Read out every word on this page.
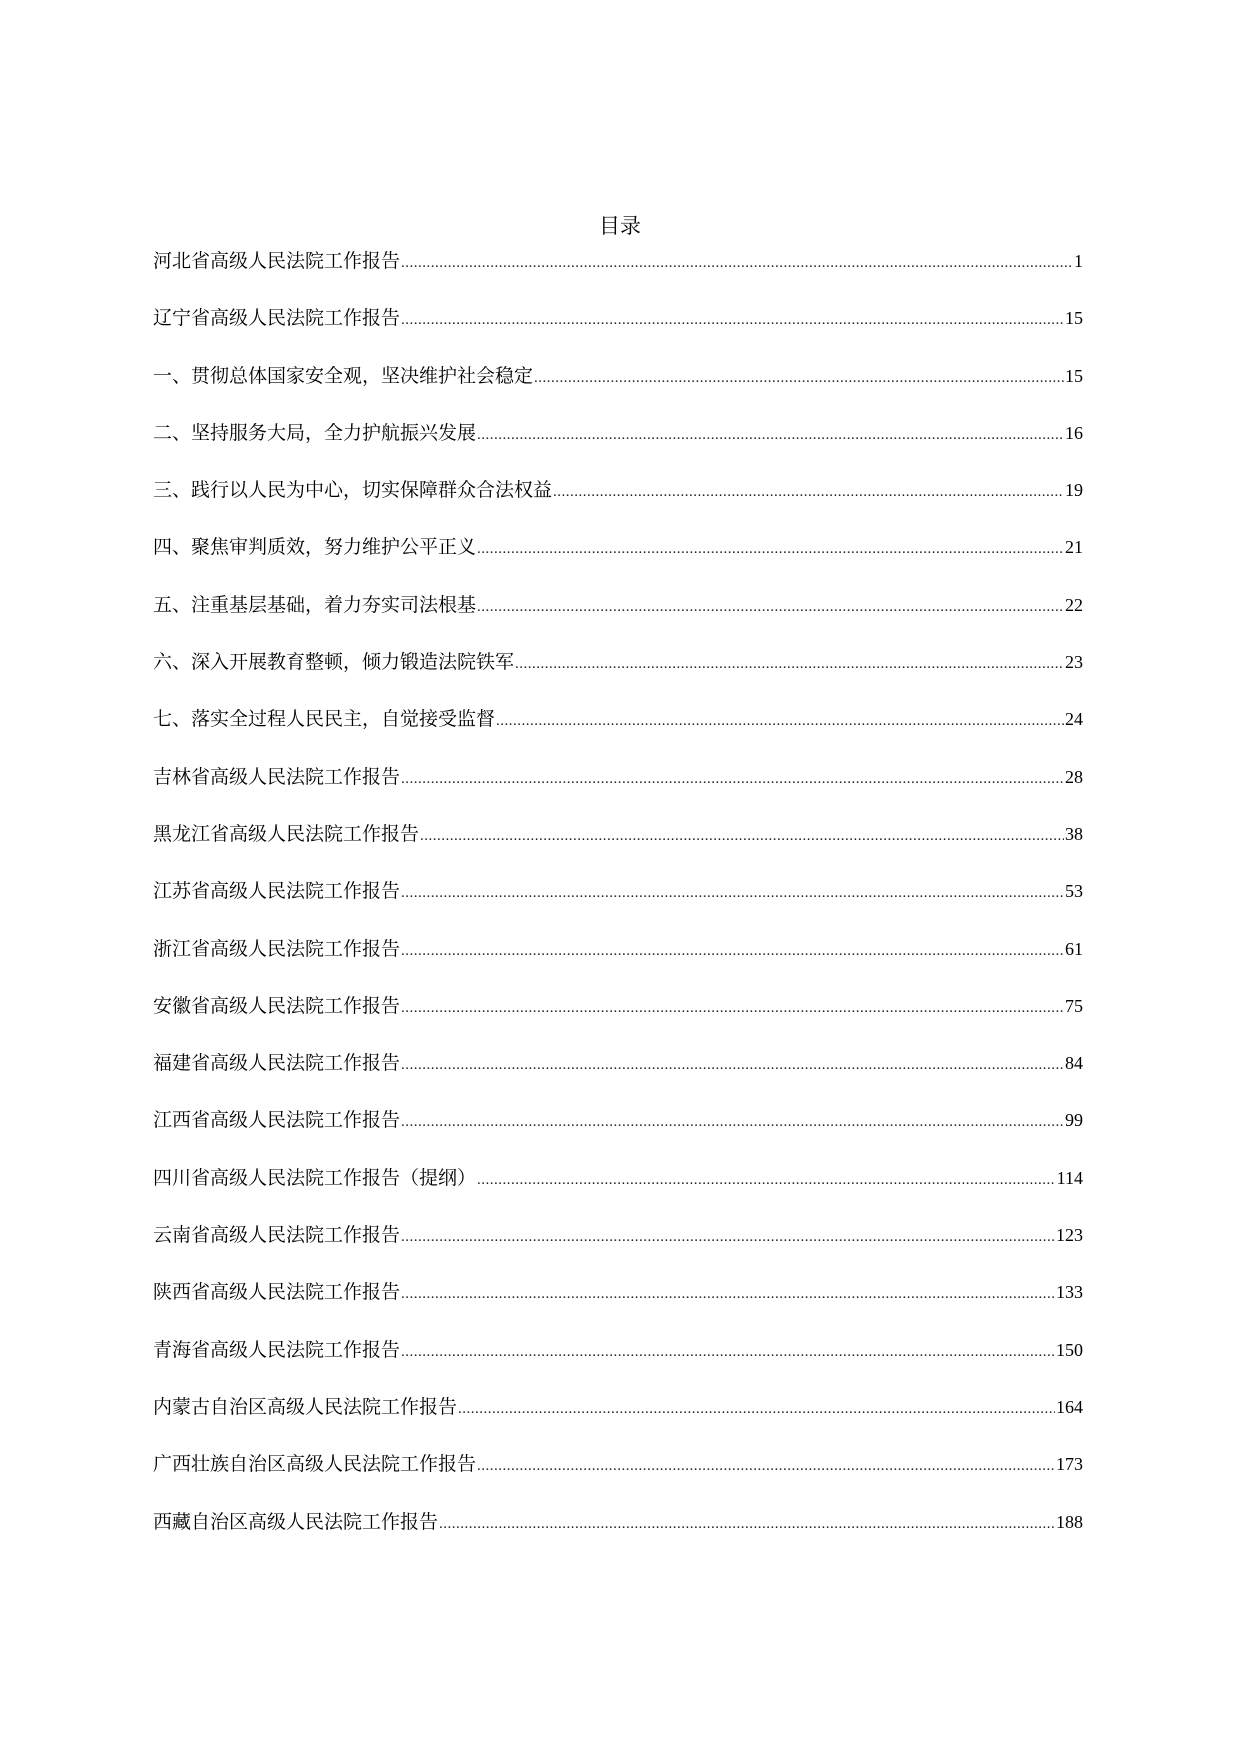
目录
河北省高级人民法院工作报告 .....	1
辽宁省高级人民法院工作报告 .....	15
一、贯彻总体国家安全观，坚决维护社会稳定 .....	15
二、坚持服务大局，全力护航振兴发展 .....	16
三、践行以人民为中心，切实保障群众合法权益 .....	19
四、聚焦审判质效，努力维护公平正义 .....	21
五、注重基层基础，着力夯实司法根基 .....	22
六、深入开展教育整顿，倾力锻造法院铁军 .....	23
七、落实全过程人民民主，自觉接受监督 .....	24
吉林省高级人民法院工作报告 .....	28
黑龙江省高级人民法院工作报告 .....	38
江苏省高级人民法院工作报告 .....	53
浙江省高级人民法院工作报告 .....	61
安徽省高级人民法院工作报告 .....	75
福建省高级人民法院工作报告 .....	84
江西省高级人民法院工作报告 .....	99
四川省高级人民法院工作报告（提纲） .....	114
云南省高级人民法院工作报告 .....	123
陕西省高级人民法院工作报告 .....	133
青海省高级人民法院工作报告 .....	150
内蒙古自治区高级人民法院工作报告 .....	164
广西壮族自治区高级人民法院工作报告 .....	173
西藏自治区高级人民法院工作报告 .....	188
